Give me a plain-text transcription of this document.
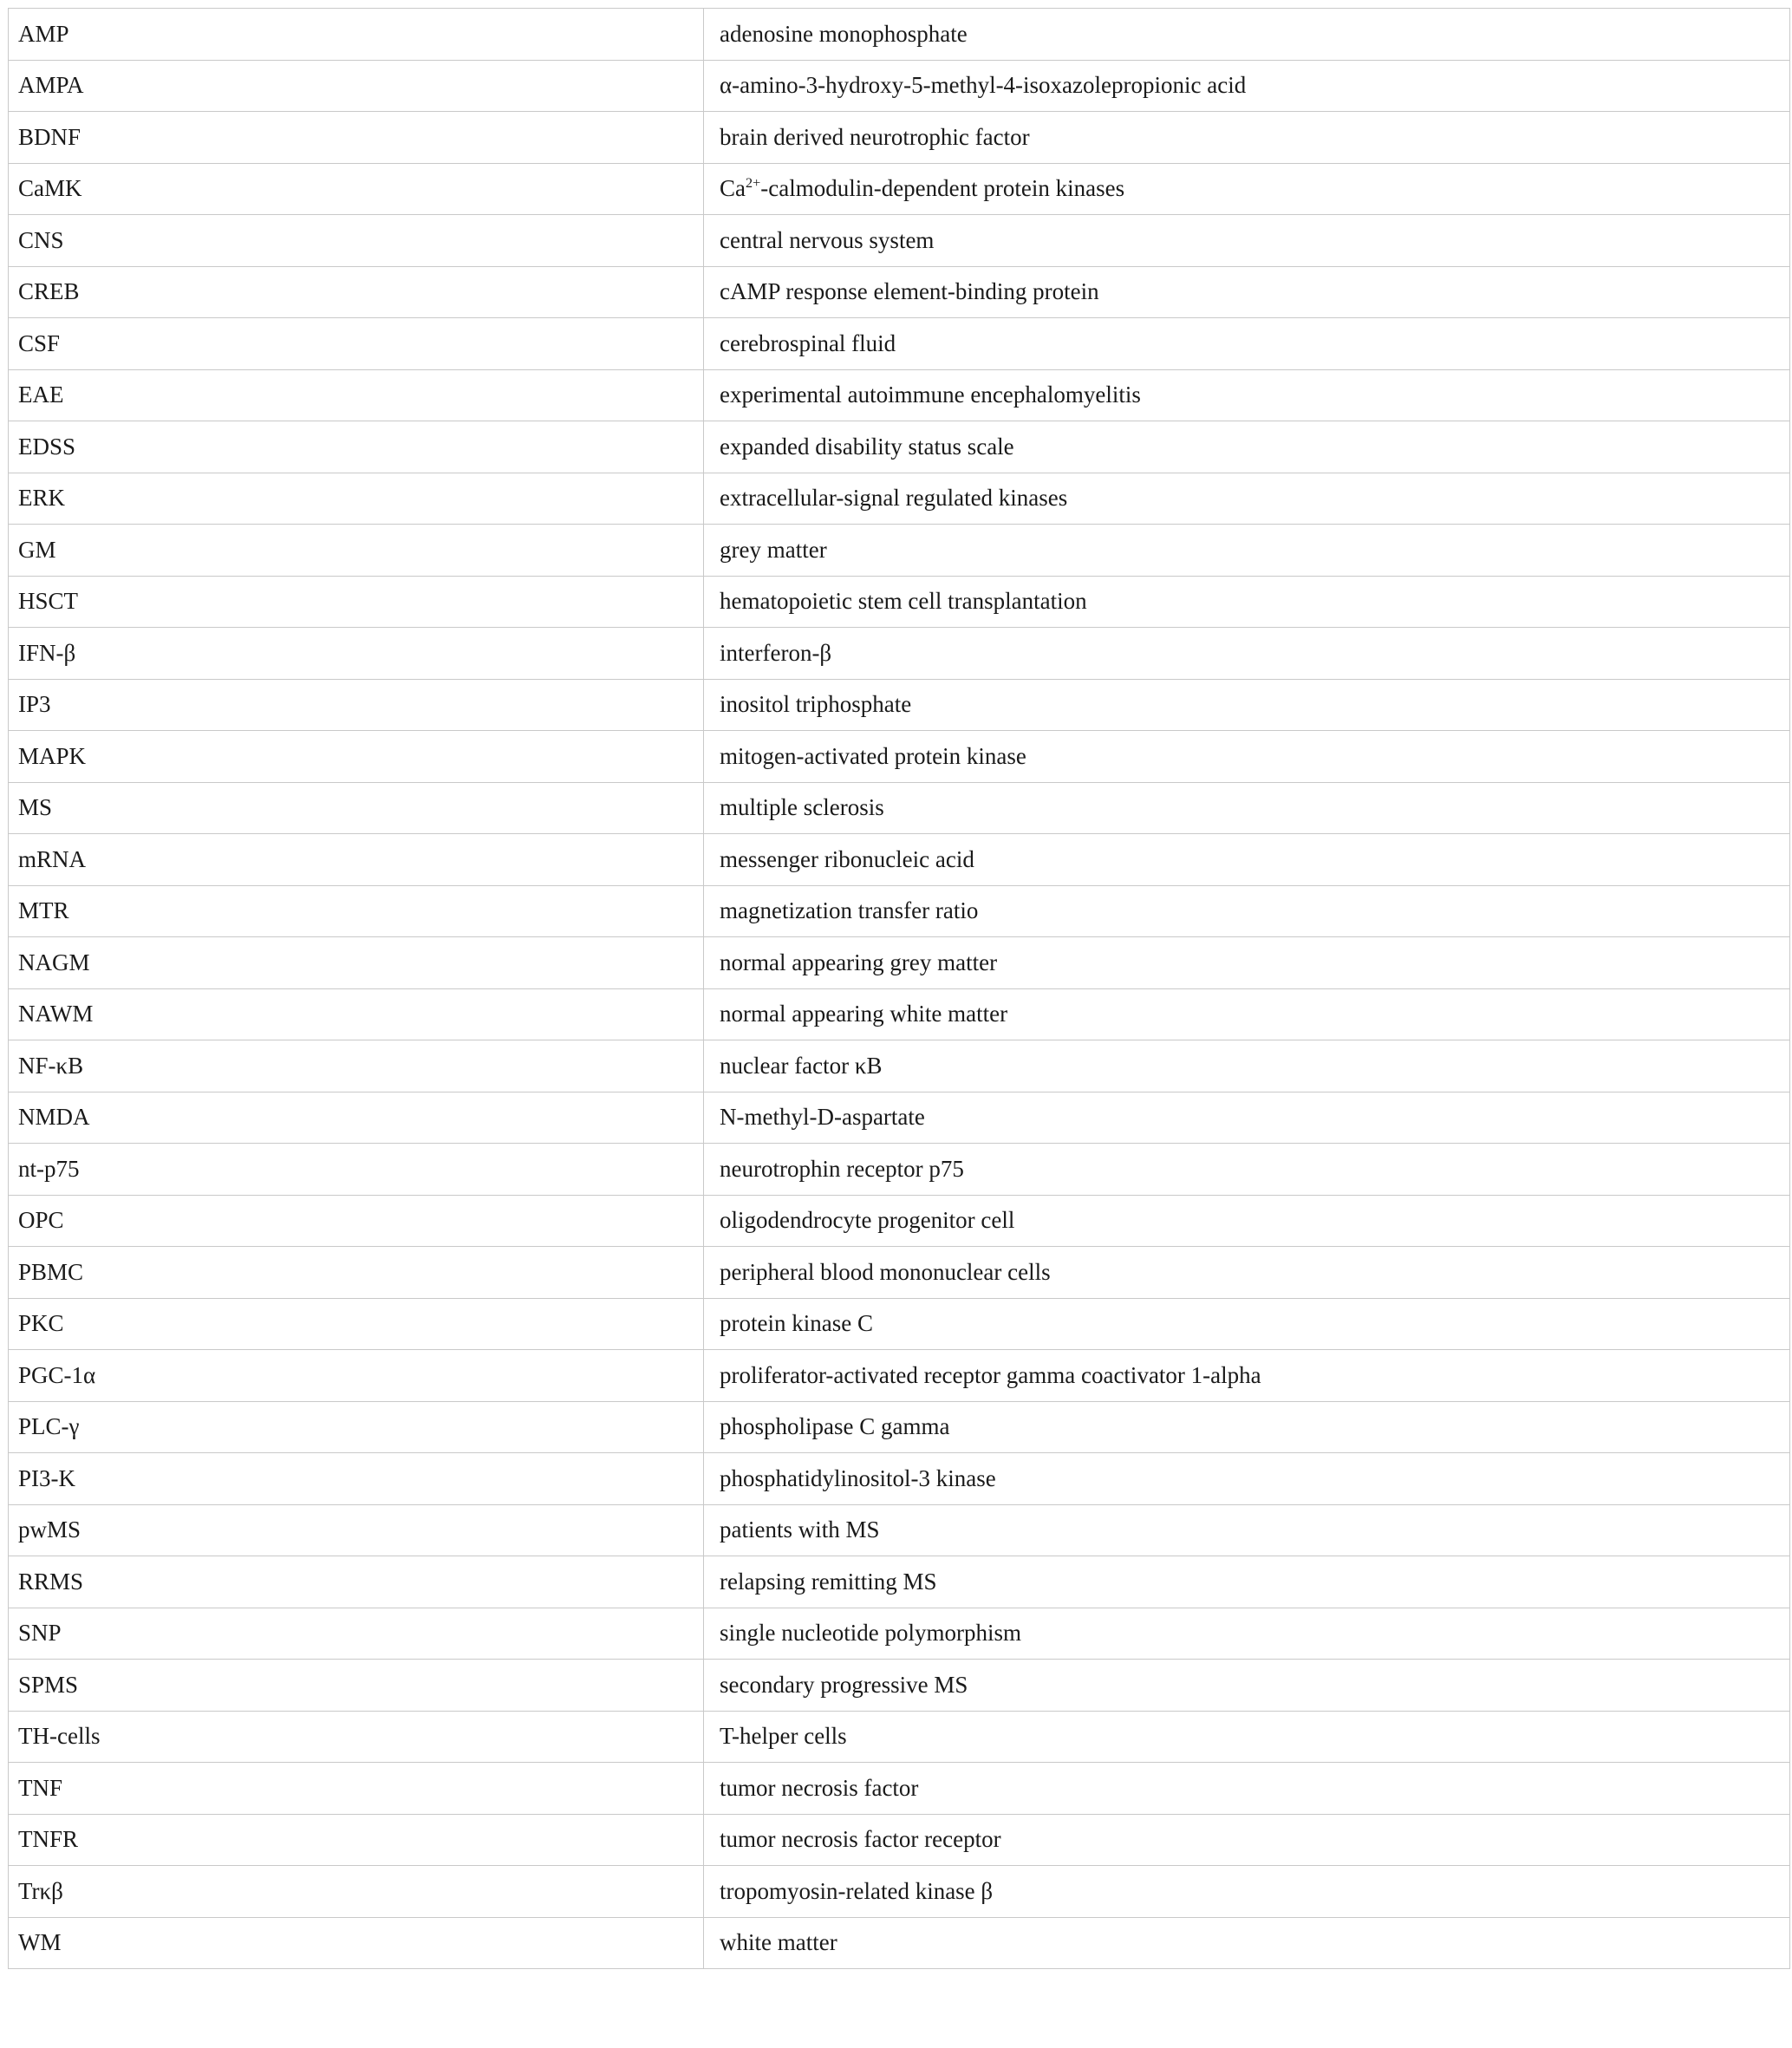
AMP	adenosine monophosphate
AMPA	α-amino-3-hydroxy-5-methyl-4-isoxazolepropionic acid
BDNF	brain derived neurotrophic factor
CaMK	$Ca^{2+}-calmodulin$-dependent protein kinases
CNS	central nervous system
CREB	cAMP response element-binding protein
CSF	cerebrospinal fluid
EAE	experimental autoimmune encephalomyelitis
EDSS	expanded disability status scale
ERK	extracellular-signal regulated kinases
GM	grey matter
HSCT	hematopoietic stem cell transplantation
IFN-β	interferon-β
IP3	inositol triphosphate
MAPK	mitogen-activated protein kinase
MS	multiple sclerosis
mRNA	messenger ribonucleic acid
MTR	magnetization transfer ratio
NAGM	normal appearing grey matter
NAWM	normal appearing white matter
NF-κB	nuclear factor κB
NMDA	N-methyl-D-aspartate
nt-p75	neurotrophin receptor p75
OPC	oligodendrocyte progenitor cell
PBMC	peripheral blood mononuclear cells
PKC	protein kinase C
PGC-1α	proliferator-activated receptor gamma coactivator 1-alpha
PLC-γ	phospholipase C gamma
PI3-K	phosphatidylinositol-3 kinase
pwMS	patients with MS
RRMS	relapsing remitting MS
SNP	single nucleotide polymorphism
SPMS	secondary progressive MS
TH-cells	T-helper cells
TNF	tumor necrosis factor
TNFR	tumor necrosis factor receptor
Trκβ	tropomyosin-related kinase β
WM	white matter
